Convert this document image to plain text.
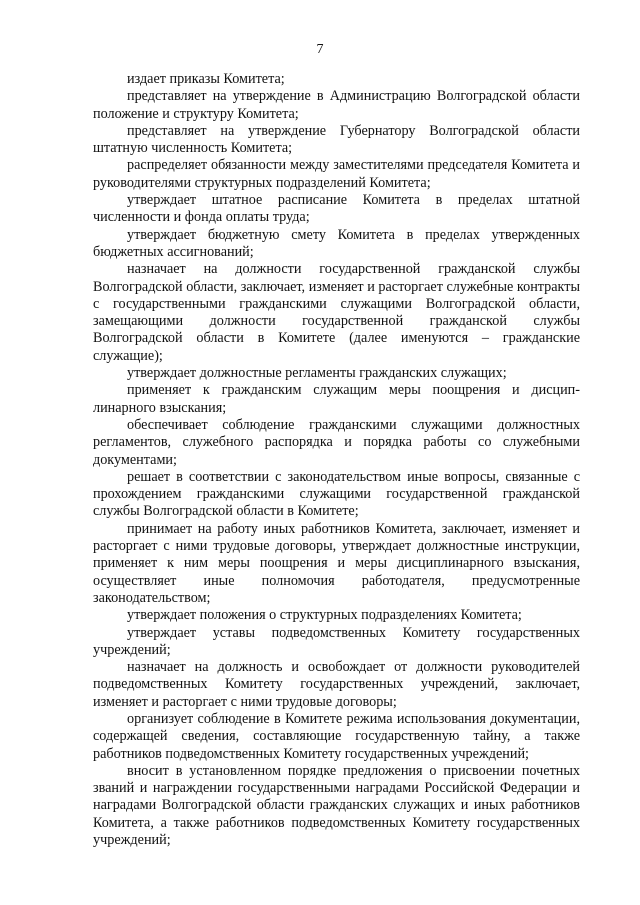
7

издает приказы Комитета;

представляет на утверждение в Администрацию Волгоградской области положение и структуру Комитета;

представляет на утверждение Губернатору Волгоградской области штатную численность Комитета;

распределяет обязанности между заместителями председателя Комитета и руководителями структурных подразделений Комитета;

утверждает штатное расписание Комитета в пределах штатной численности и фонда оплаты труда;

утверждает бюджетную смету Комитета в пределах утвержденных бюджетных ассигнований;

назначает на должности государственной гражданской службы Волгоградской области, заключает, изменяет и расторгает служебные контракты с государственными гражданскими служащими Волгоградской области, замещающими должности государственной гражданской службы Волгоградской области в Комитете (далее именуются – гражданские служащие);

утверждает должностные регламенты гражданских служащих;

применяет к гражданским служащим меры поощрения и дисцип-линарного взыскания;

обеспечивает соблюдение гражданскими служащими должностных регламентов, служебного распорядка и порядка работы со служебными документами;

решает в соответствии с законодательством иные вопросы, связанные с прохождением гражданскими служащими государственной гражданской службы Волгоградской области в Комитете;

принимает на работу иных работников Комитета, заключает, изменяет и расторгает с ними трудовые договоры, утверждает должностные инструкции, применяет к ним меры поощрения и меры дисциплинарного взыскания, осуществляет иные полномочия работодателя, предусмотренные законодательством;

утверждает положения о структурных подразделениях Комитета;

утверждает уставы подведомственных Комитету государственных учреждений;

назначает на должность и освобождает от должности руководителей подведомственных Комитету государственных учреждений, заключает, изменяет и расторгает с ними трудовые договоры;

организует соблюдение в Комитете режима использования документации, содержащей сведения, составляющие государственную тайну, а также работников подведомственных Комитету государственных учреждений;

вносит в установленном порядке предложения о присвоении почетных званий и награждении государственными наградами Российской Федерации и наградами Волгоградской области гражданских служащих и иных работников Комитета, а также работников подведомственных Комитету государственных учреждений;
